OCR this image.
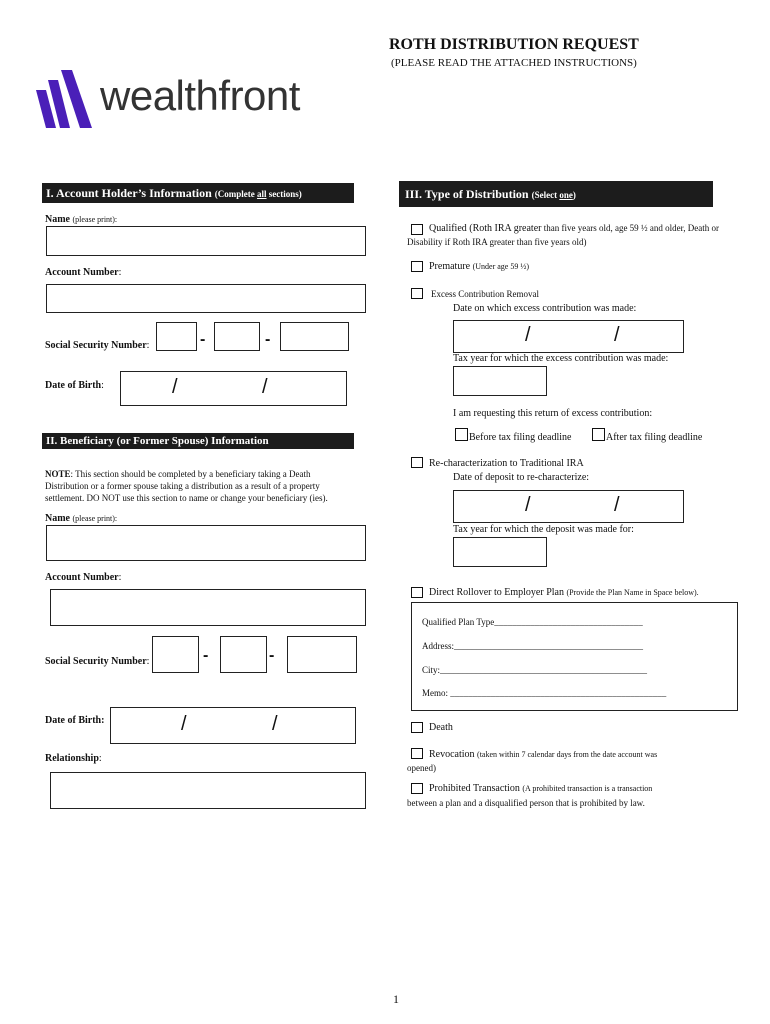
ROTH DISTRIBUTION REQUEST
(PLEASE READ THE ATTACHED INSTRUCTIONS)
wealthfront
I. Account Holder’s Information (Complete all sections)
Name (please print):
Account Number:
Social Security Number:	-	-
Date of Birth:	/	/
II. Beneficiary (or Former Spouse) Information
NOTE: This section should be completed by a beneficiary taking a Death
Distribution or a former spouse taking a distribution as a result of a property
settlement. DO NOT use this section to name or change your beneficiary (ies).
Name (please print):
Account Number:
Social Security Number:	-	-
Date of Birth:	/	/
Relationship:
III. Type of Distribution (Select one)
Qualified (Roth IRA greater than five years old, age 59 ½ and older, Death or
Disability if Roth IRA greater than five years old)
Premature (Under age 59 ½)
Excess Contribution Removal
Date on which excess contribution was made:
/	/
Tax year for which the excess contribution was made:
I am requesting this return of excess contribution:
Before tax filing deadline	After tax filing deadline
Re-characterization to Traditional IRA
Date of deposit to re-characterize:
/	/
Tax year for which the deposit was made for:
Direct Rollover to Employer Plan (Provide the Plan Name in Space below).
Qualified Plan Type_________________________________
Address:__________________________________________
City:______________________________________________
Memo: ________________________________________________
Death
Revocation (taken within 7 calendar days from the date account was
opened)
Prohibited Transaction (A prohibited transaction is a transaction
between a plan and a disqualified person that is prohibited by law.
1
